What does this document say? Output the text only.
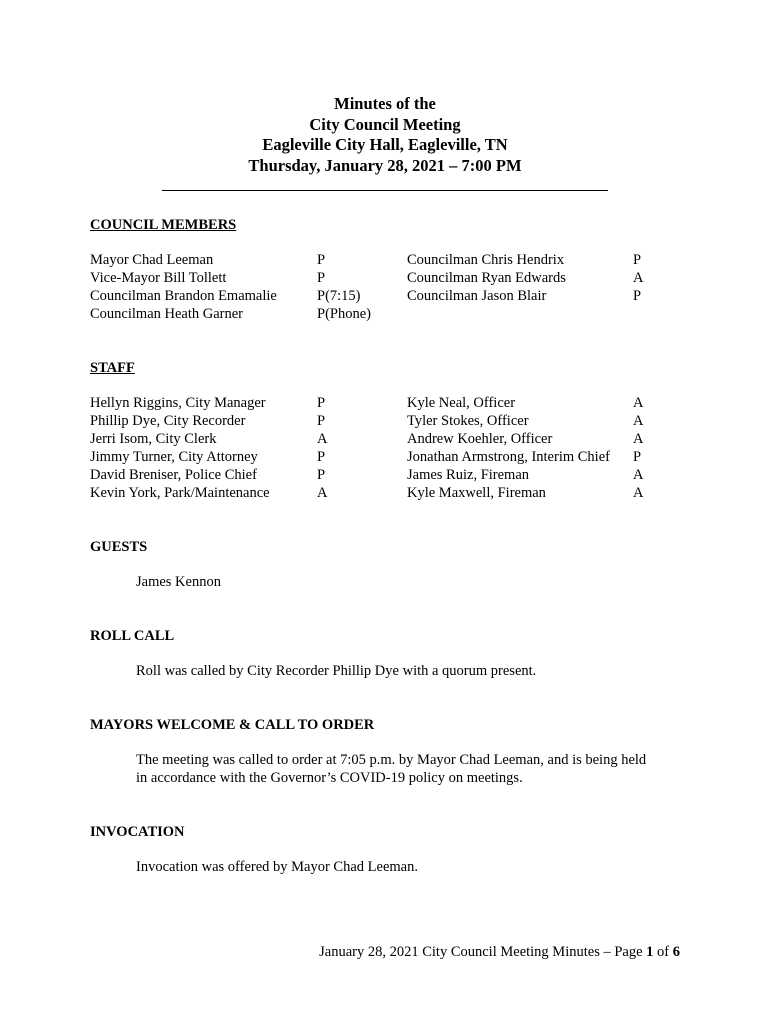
Minutes of the
City Council Meeting
Eagleville City Hall, Eagleville, TN
Thursday, January 28, 2021 – 7:00 PM
COUNCIL MEMBERS
Mayor Chad Leeman	P	Councilman Chris Hendrix	P
Vice-Mayor Bill Tollett	P	Councilman Ryan Edwards	A
Councilman Brandon Emamalie	P(7:15)	Councilman Jason Blair	P
Councilman Heath Garner	P(Phone)
STAFF
Hellyn Riggins, City Manager	P	Kyle Neal, Officer	A
Phillip Dye, City Recorder	P	Tyler Stokes, Officer	A
Jerri Isom, City Clerk	A	Andrew Koehler, Officer	A
Jimmy Turner, City Attorney	P	Jonathan Armstrong, Interim Chief P
David Breniser, Police Chief	P	James Ruiz, Fireman	A
Kevin York, Park/Maintenance	A	Kyle Maxwell, Fireman	A
GUESTS
James Kennon
ROLL CALL
Roll was called by City Recorder Phillip Dye with a quorum present.
MAYORS WELCOME & CALL TO ORDER
The meeting was called to order at 7:05 p.m. by Mayor Chad Leeman, and is being held
in accordance with the Governor’s COVID-19 policy on meetings.
INVOCATION
Invocation was offered by Mayor Chad Leeman.
January 28, 2021 City Council Meeting Minutes – Page 1 of 6
